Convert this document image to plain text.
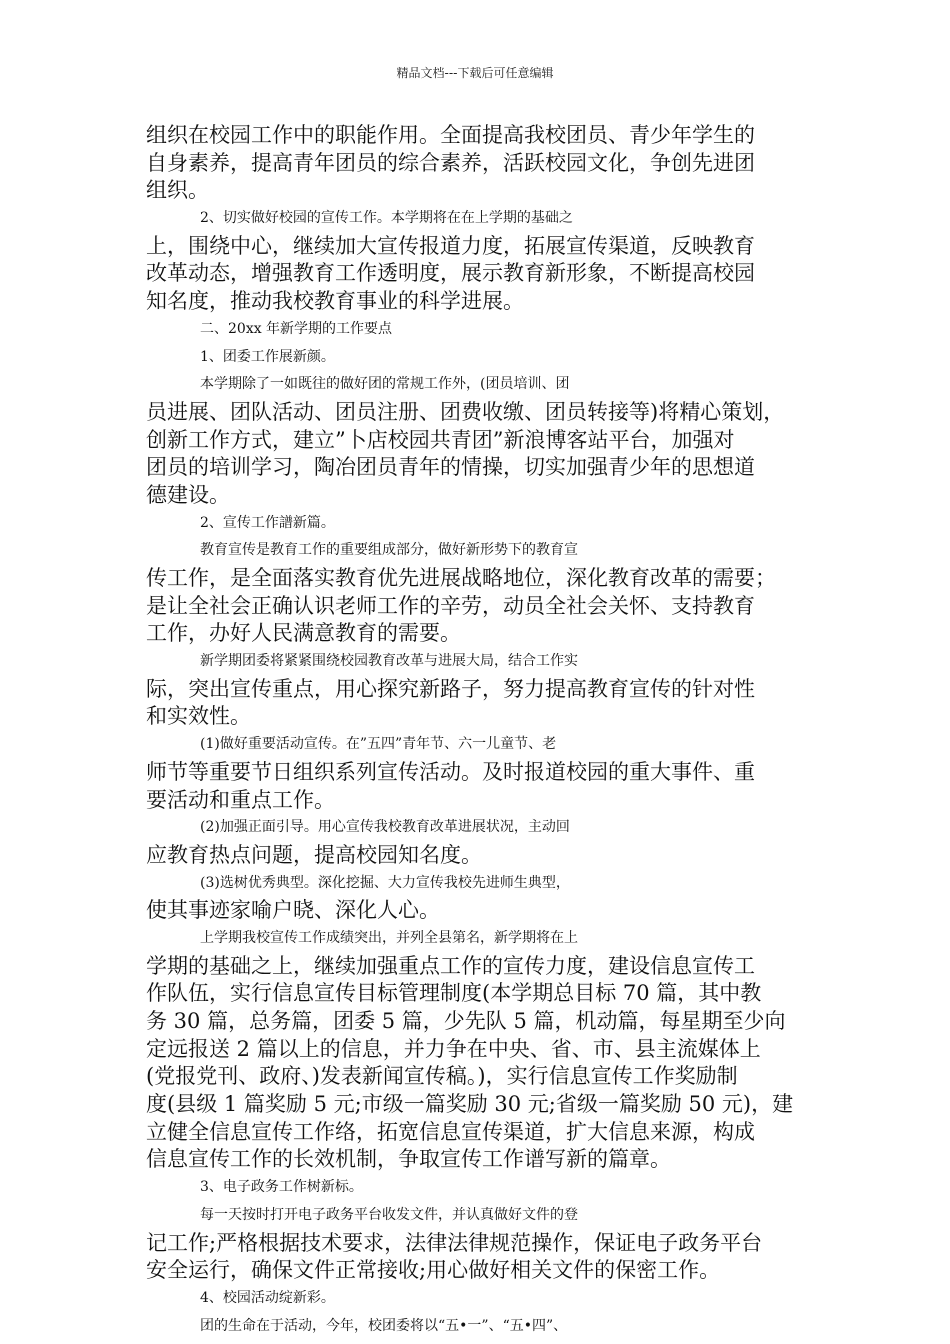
精品文档---下载后可任意编辑
组织在校园工作中的职能作用。全面提高我校团员、青少年学生的
自身素养，提高青年团员的综合素养，活跃校园文化，争创先进团
组织。
2、切实做好校园的宣传工作。本学期将在在上学期的基础之
上，围绕中心，继续加大宣传报道力度，拓展宣传渠道，反映教育
改革动态，增强教育工作透明度，展示教育新形象，不断提高校园
知名度，推动我校教育事业的科学进展。
二、20xx 年新学期的工作要点
1、团委工作展新颜。
本学期除了一如既往的做好团的常规工作外，(团员培训、团
员进展、团队活动、团员注册、团费收缴、团员转接等)将精心策划，
创新工作方式，建立”卜店校园共青团”新浪博客站平台，加强对
团员的培训学习，陶冶团员青年的情操，切实加强青少年的思想道
德建设。
2、宣传工作譜新篇。
教育宣传是教育工作的重要组成部分，做好新形势下的教育宣
传工作，是全面落实教育优先进展战略地位，深化教育改革的需要；
是让全社会正确认识老师工作的辛劳，动员全社会关怀、支持教育
工作，办好人民满意教育的需要。
新学期团委将紧紧围绕校园教育改革与进展大局，结合工作实
际，突出宣传重点，用心探究新路子，努力提高教育宣传的针对性
和实效性。
(1)做好重要活动宣传。在”五四”青年节、六一儿童节、老
师节等重要节日组织系列宣传活动。及时报道校园的重大事件、重
要活动和重点工作。
(2)加强正面引导。用心宣传我校教育改革进展状况，主动回
应教育热点问题，提高校园知名度。
(3)选树优秀典型。深化挖掘、大力宣传我校先进师生典型，
使其事迹家喻户晓、深化人心。
上学期我校宣传工作成绩突出，并列全县第名，新学期将在上
学期的基础之上，继续加强重点工作的宣传力度，建设信息宣传工
作队伍，实行信息宣传目标管理制度(本学期总目标 70 篇，其中教
务 30 篇，总务篇，团委 5 篇，少先队 5 篇，机动篇，每星期至少向
定远报送 2 篇以上的信息，并力争在中央、省、市、县主流媒体上
(党报党刊、政府、)发表新闻宣传稿。)，实行信息宣传工作奖励制
度(县级 1 篇奖励 5 元;市级一篇奖励 30 元;省级一篇奖励 50 元)，建
立健全信息宣传工作络，拓宽信息宣传渠道，扩大信息来源，构成
信息宣传工作的长效机制，争取宣传工作谱写新的篇章。
3、电子政务工作树新标。
每一天按时打开电子政务平台收发文件，并认真做好文件的登
记工作;严格根据技术要求，法律法律规范操作，保证电子政务平台
安全运行，确保文件正常接收;用心做好相关文件的保密工作。
4、校园活动绽新彩。
团的生命在于活动，今年，校团委将以“五•一”、“五•四”、
